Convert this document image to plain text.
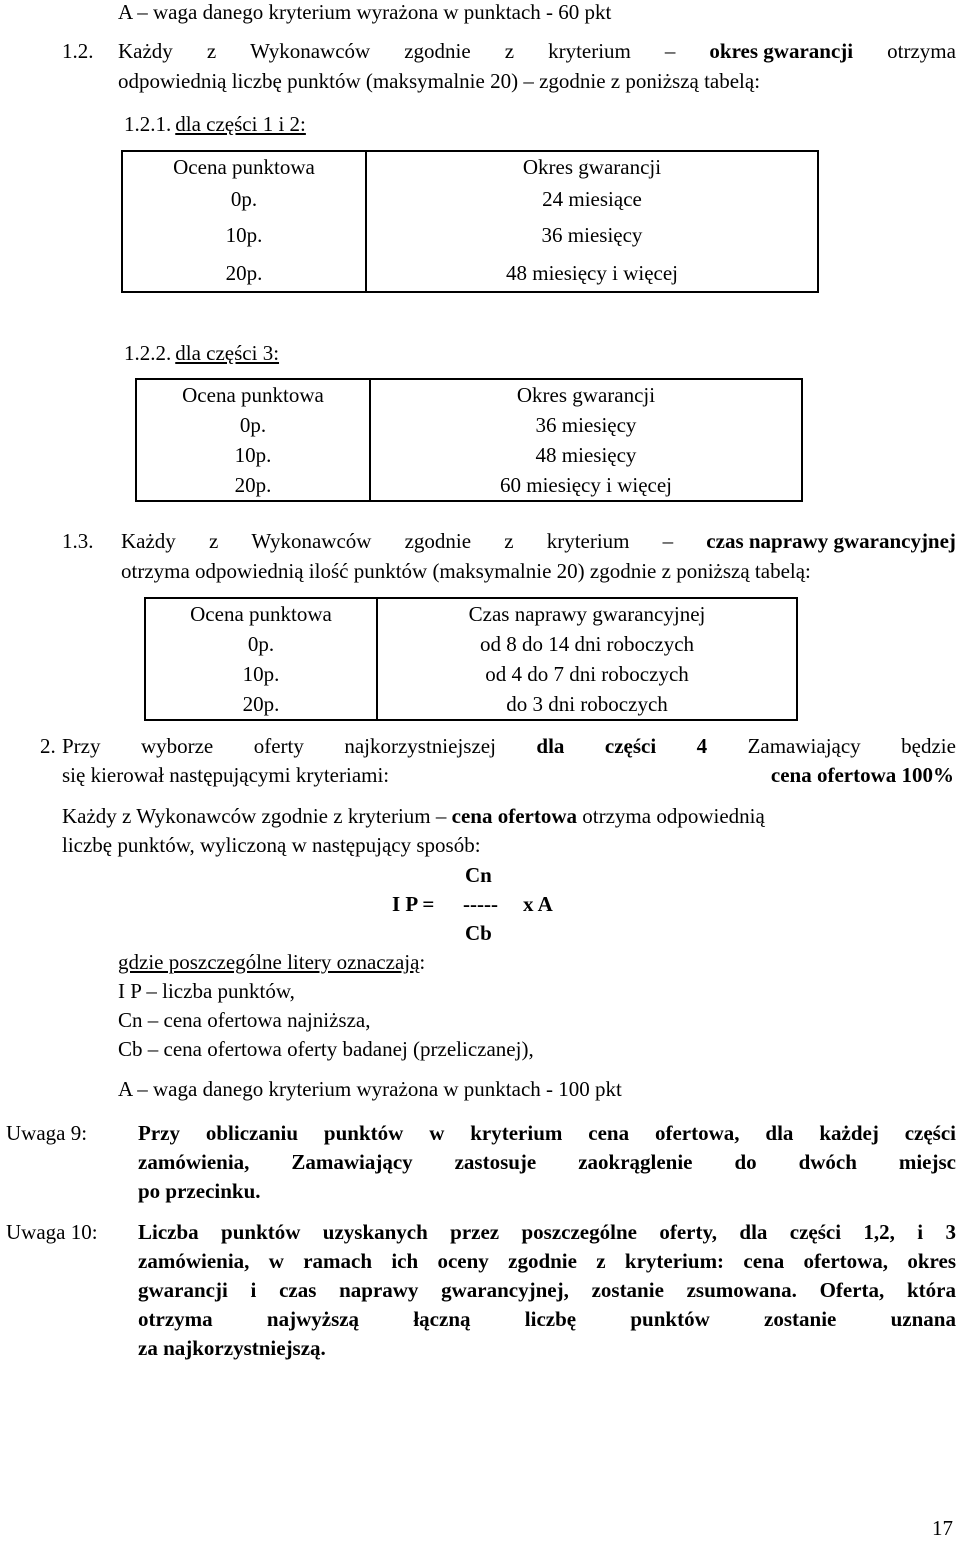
A – waga danego kryterium wyrażona w punktach - 60 pkt
1.2. Każdy z Wykonawców zgodnie z kryterium – okres gwarancji otrzyma
odpowiednią liczbę punktów (maksymalnie 20) – zgodnie z poniższą tabelą:
1.2.1. dla części 1 i 2:
Ocena punktowa	Okres gwarancji
0p.	24 miesiące
10p.	36 miesięcy
20p.	48 miesięcy i więcej
1.2.2. dla części 3:
Ocena punktowa	Okres gwarancji
0p.	36 miesięcy
10p.	48 miesięcy
20p.	60 miesięcy i więcej
1.3. Każdy z Wykonawców zgodnie z kryterium – czas naprawy gwarancyjnej
otrzyma odpowiednią ilość punktów (maksymalnie 20) zgodnie z poniższą tabelą:
Ocena punktowa	Czas naprawy gwarancyjnej
0p.	od 8 do 14 dni roboczych
10p.	od 4 do 7 dni roboczych
20p.	do 3 dni roboczych
2. Przy wyborze oferty najkorzystniejszej dla części 4 Zamawiający będzie
się kierował następującymi kryteriami:	cena ofertowa 100%
Każdy z Wykonawców zgodnie z kryterium – cena ofertowa otrzyma odpowiednią
liczbę punktów, wyliczoną w następujący sposób:
Cn
I P = ----- x A
Cb
gdzie poszczególne litery oznaczają:
I P – liczba punktów,
Cn – cena ofertowa najniższa,
Cb – cena ofertowa oferty badanej (przeliczanej),
A – waga danego kryterium wyrażona w punktach - 100 pkt
Uwaga 9: Przy obliczaniu punktów w kryterium cena ofertowa, dla każdej części
zamówienia, Zamawiający zastosuje zaokrąglenie do dwóch miejsc
po przecinku.
Uwaga 10: Liczba punktów uzyskanych przez poszczególne oferty, dla części 1,2, i 3
zamówienia, w ramach ich oceny zgodnie z kryterium: cena ofertowa, okres
gwarancji i czas naprawy gwarancyjnej, zostanie zsumowana. Oferta, która
otrzyma najwyższą łączną liczbę punktów zostanie uznana
za najkorzystniejszą.
17
